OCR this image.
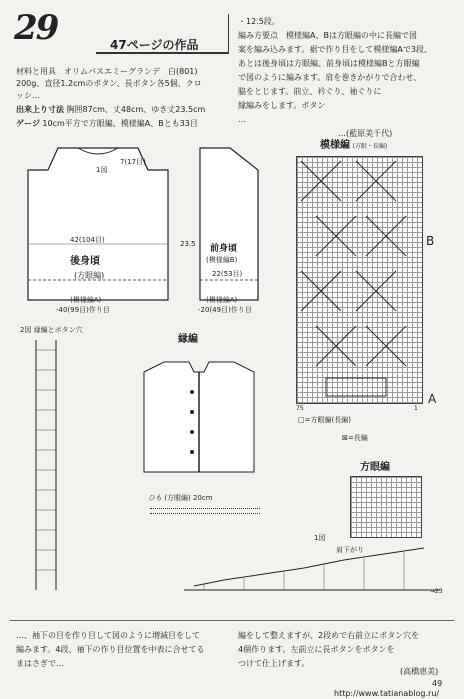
29	47ページの作品
材料と用具　オリムパスエミーグランデ　白(801)
200g、直径1.2cmのボタン、長ボタン各5個、クロ
ッシ…
出来上り寸法 胸囲87cm、丈48cm、ゆき丈23.5cm
ゲージ 10cm平方で方眼編、模様編A、Bとも33目
・12.5段。
編み方要点　模様編A、Bは方眼編の中に長編で図
案を編み込みます。裾で作り目をして模様編Aで3段、
あとは後身頃は方眼編、前身頃は模様編Bと方眼編
で図のように編みます。肩を巻きかがりで合わせ、
脇をとじます。前立、衿ぐり、袖ぐりに
縁編みをします。ボタン
…
…(藍原美千代)
1図
7(17目)
42(104目)
後身頃
(方眼編)
(模様編A)
-40(99目)作り目
23.5 前身頃
(模様編B)
22(53目)
(模様編A)
-20(49目)作り目
模様編 (方眼・長編)
B
A
75	1
□=方眼編(長編)
⊠=長編
2図 縁編とボタン穴
縁編
ひも (方眼編) 20cm
方眼編
1図
肩下がり
→23
…、袖下の目を作り目して図のように増減目をして
編みます。4段、袖下の作り目位置を中表に合せてる
まはさぎで…
編をして整えますが、2段めで右前立にボタン穴を
4個作ります。左前立に長ボタンをボタンを
つけて仕上げます。
(高橋恵美)
49
http://www.tatianablog.ru/
